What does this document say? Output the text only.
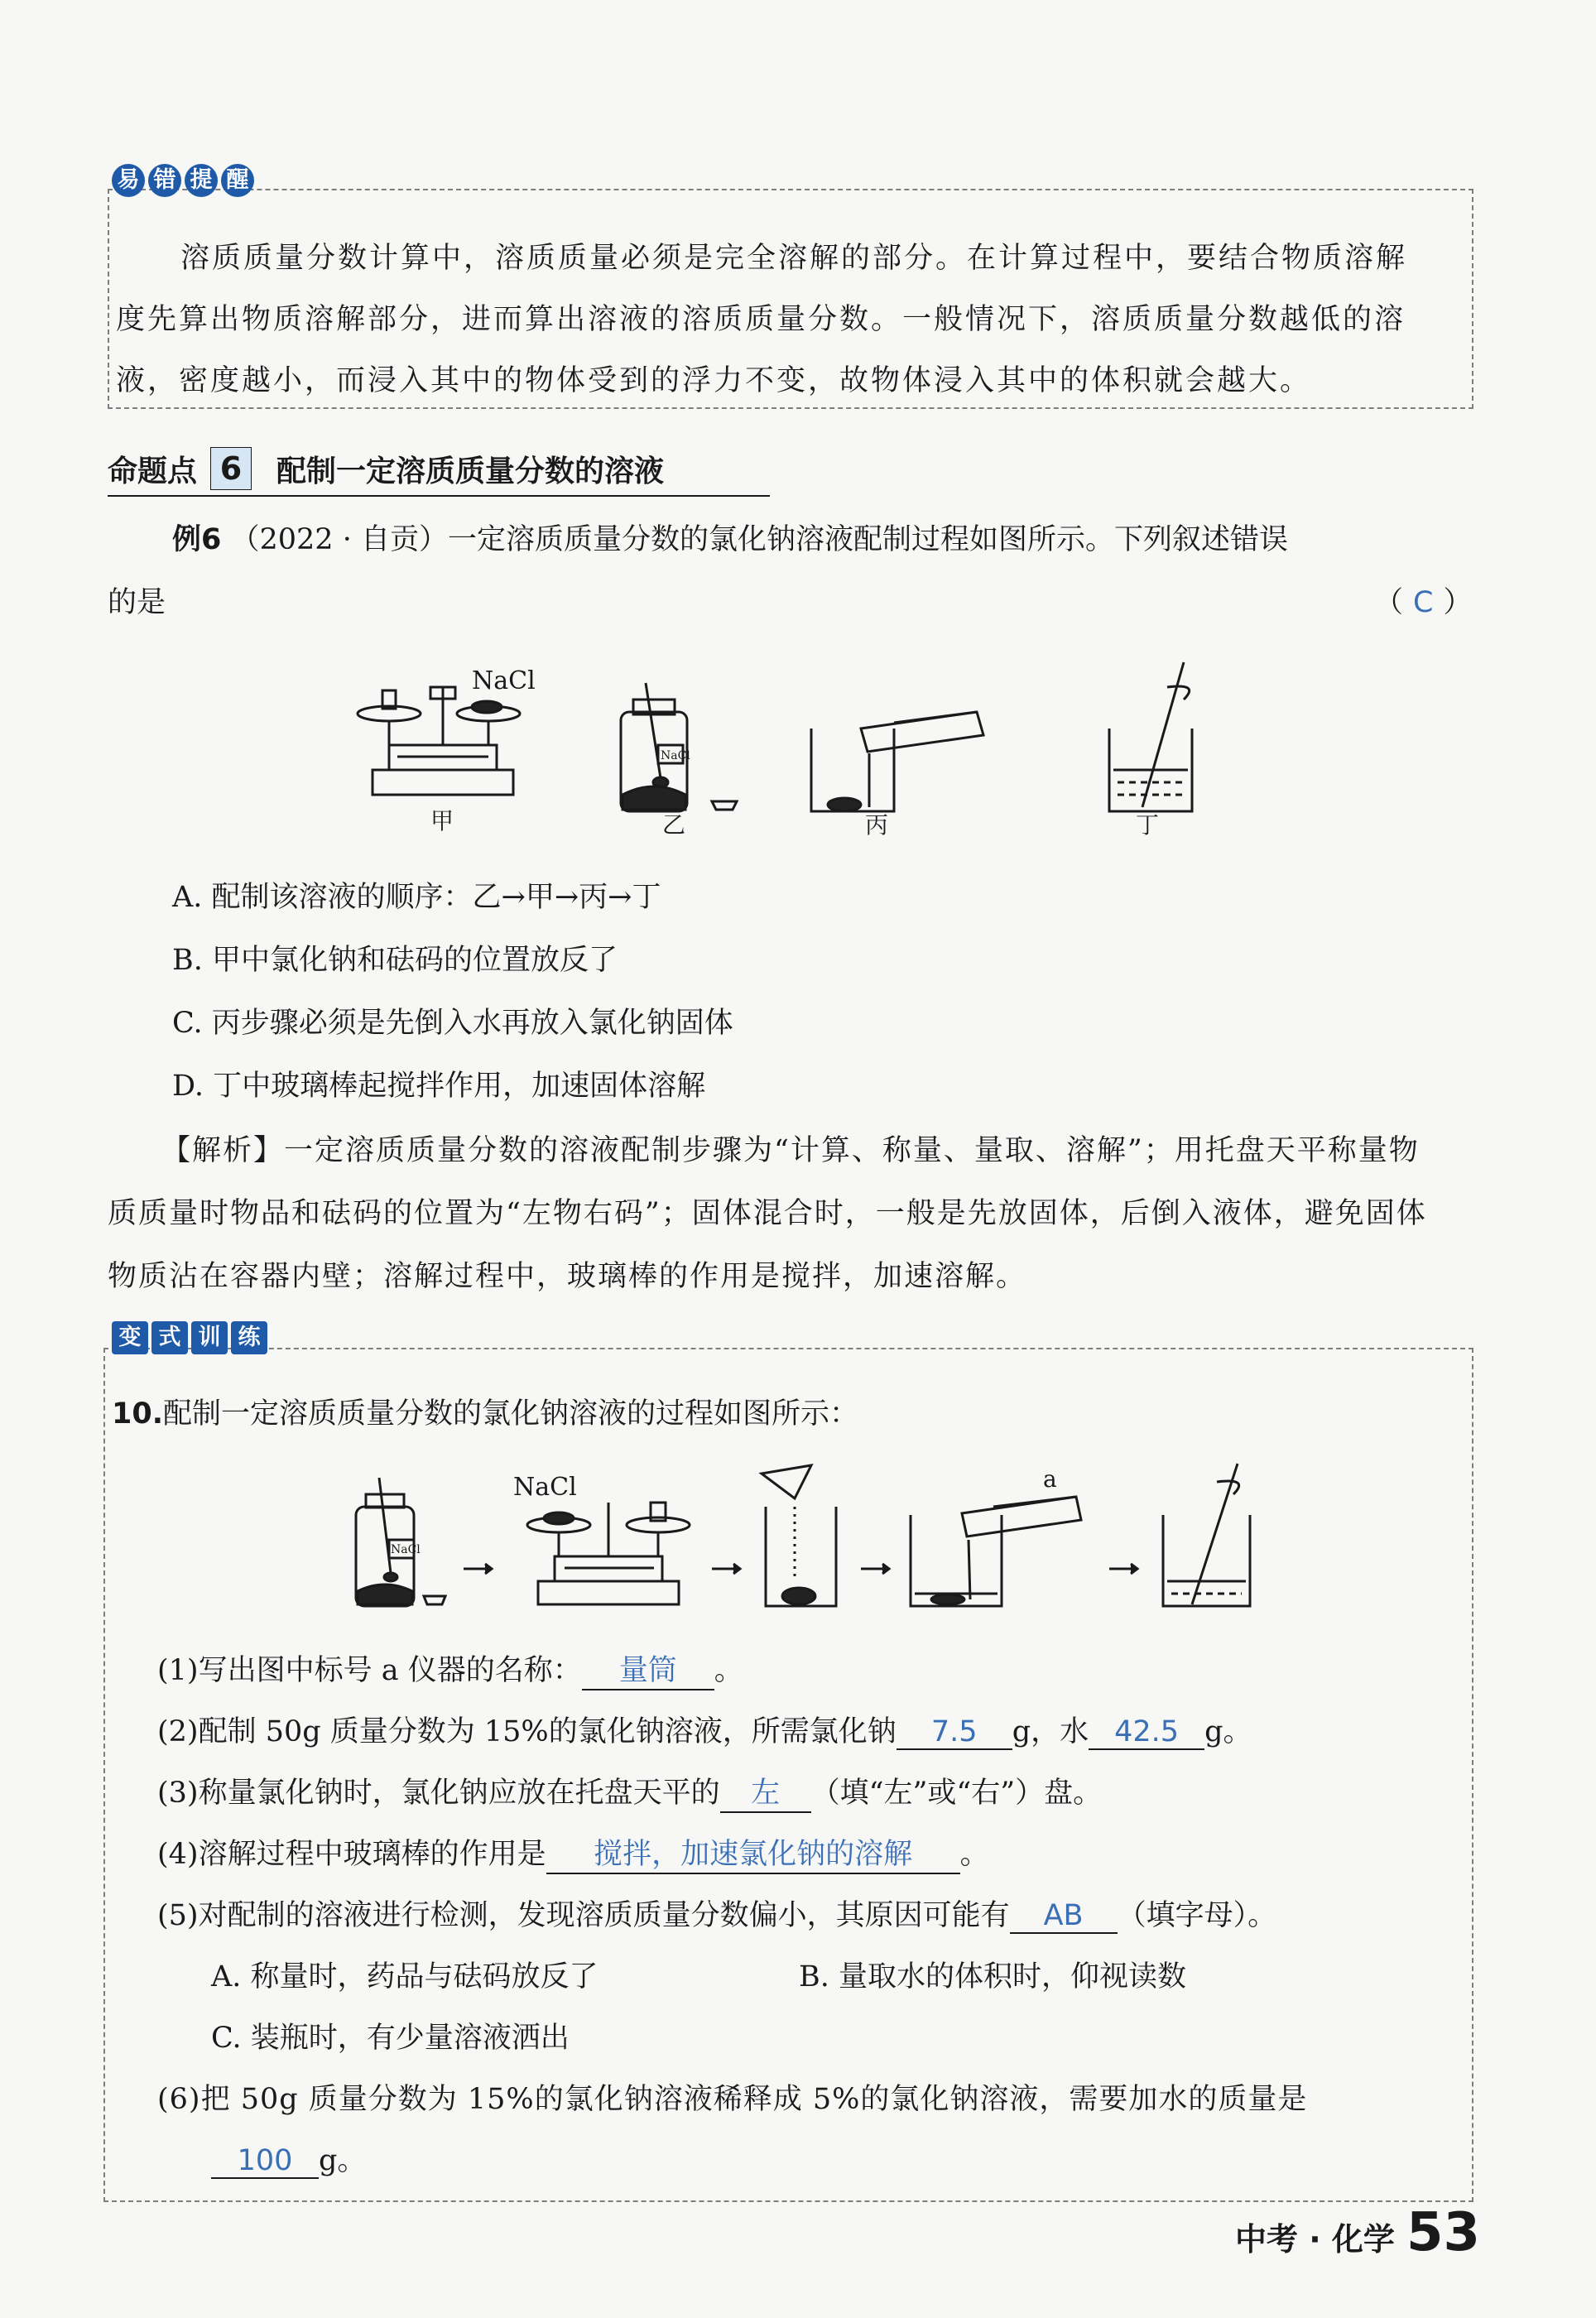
易 错 提 醒
溶质质量分数计算中，溶质质量必须是完全溶解的部分。在计算过程中，要结合物质溶解
度先算出物质溶解部分，进而算出溶液的溶质质量分数。一般情况下，溶质质量分数越低的溶
液，密度越小，而浸入其中的物体受到的浮力不变，故物体浸入其中的体积就会越大。
命题点 6	配制一定溶质质量分数的溶液
例6 （2022 · 自贡）一定溶质质量分数的氯化钠溶液配制过程如图所示。下列叙述错误
的是	（ C ）
NaCl
NaCl
甲	乙	丙	丁
A. 配制该溶液的顺序：乙→甲→丙→丁
B. 甲中氯化钠和砝码的位置放反了
C. 丙步骤必须是先倒入水再放入氯化钠固体
D. 丁中玻璃棒起搅拌作用，加速固体溶解
【解析】一定溶质质量分数的溶液配制步骤为“计算、称量、量取、溶解”；用托盘天平称量物
质质量时物品和砝码的位置为“左物右码”；固体混合时，一般是先放固体，后倒入液体，避免固体
物质沾在容器内壁；溶解过程中，玻璃棒的作用是搅拌，加速溶解。
变 式 训 练
10.配制一定溶质质量分数的氯化钠溶液的过程如图所示：
NaCl
NaCl
a
(1)写出图中标号 a 仪器的名称： 量筒 。
(2)配制 50g 质量分数为 15%的氯化钠溶液，所需氯化钠 7.5 g，水 42.5 g。
(3)称量氯化钠时，氯化钠应放在托盘天平的 左 （填“左”或“右”）盘。
(4)溶解过程中玻璃棒的作用是 搅拌，加速氯化钠的溶解 。
(5)对配制的溶液进行检测，发现溶质质量分数偏小，其原因可能有 AB （填字母）。
A. 称量时，药品与砝码放反了	B. 量取水的体积时，仰视读数
C. 装瓶时，有少量溶液洒出
(6)把 50g 质量分数为 15%的氯化钠溶液稀释成 5%的氯化钠溶液，需要加水的质量是
100 g。
中考 · 化学 53
